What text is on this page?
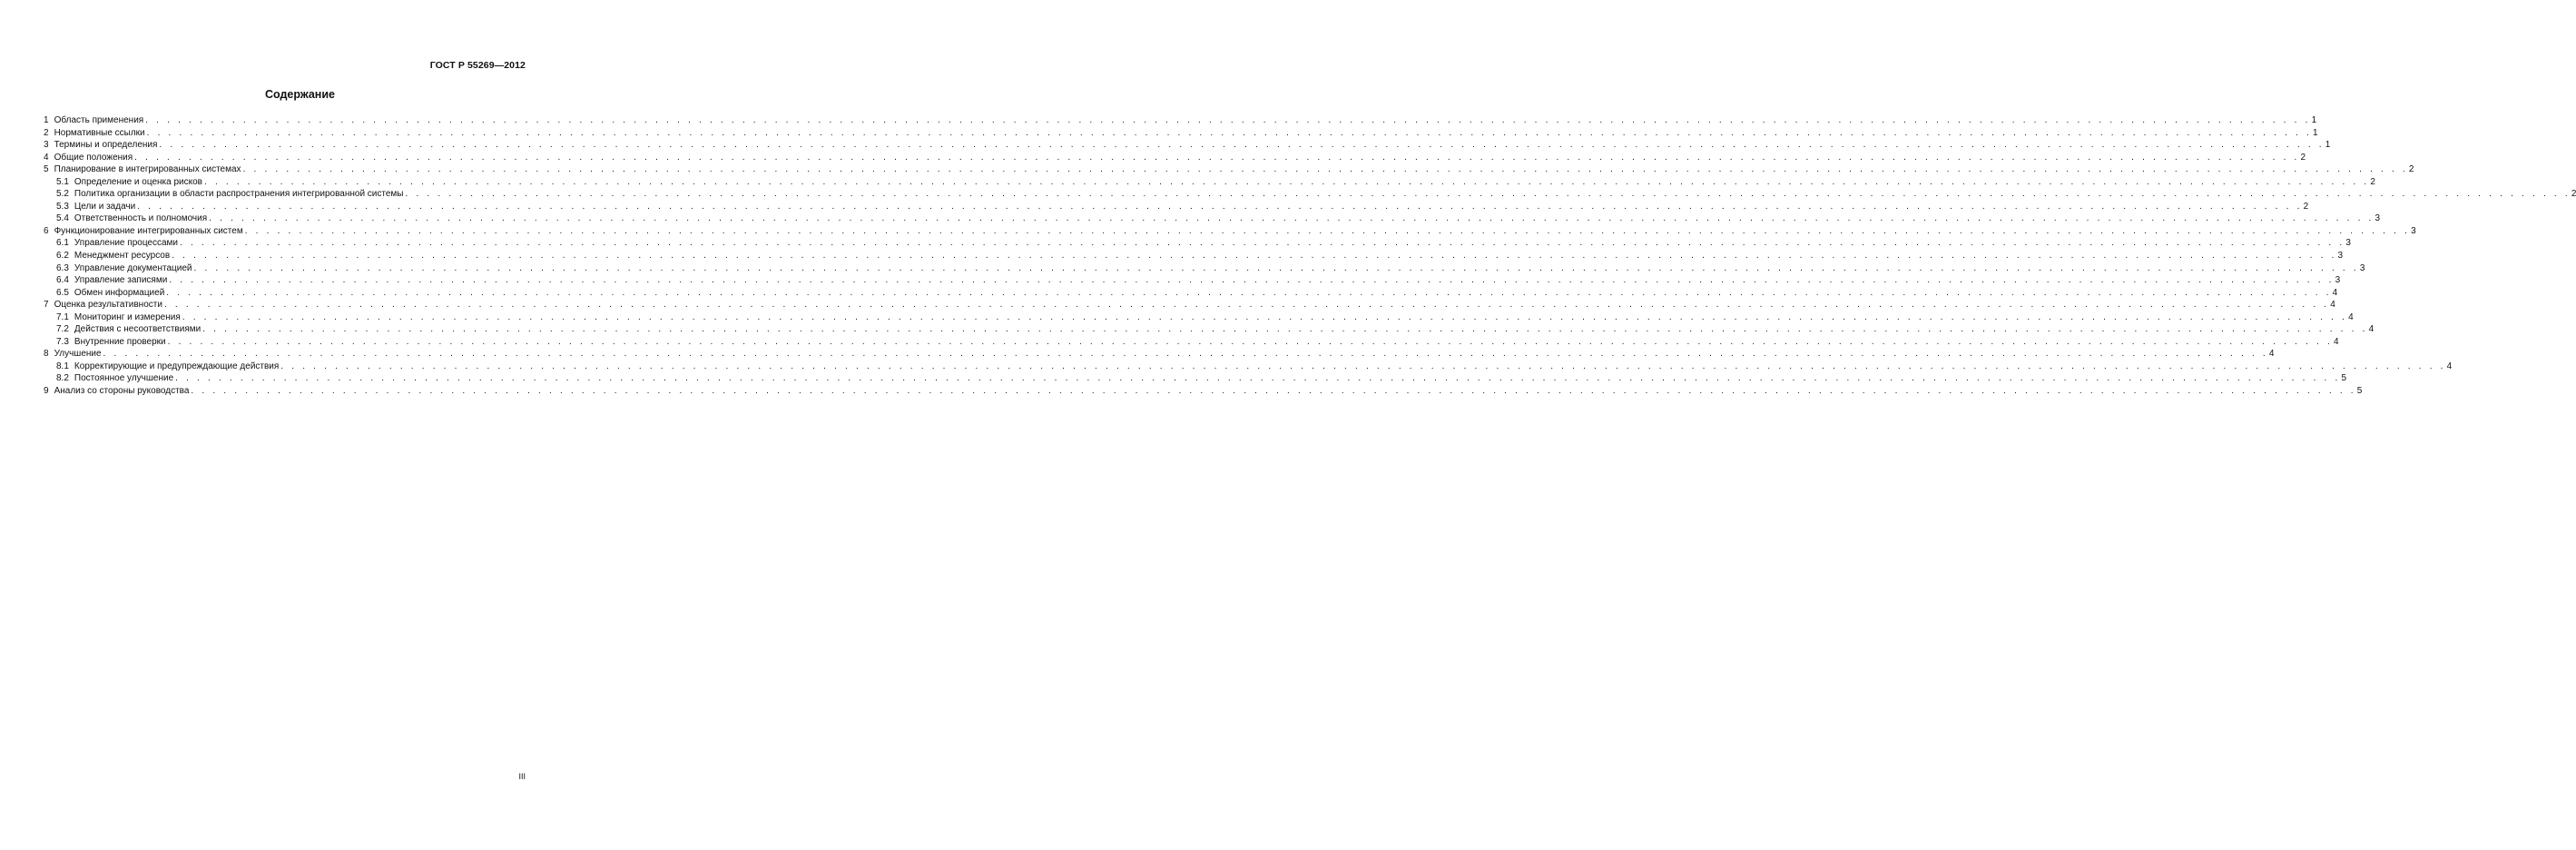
ГОСТ Р 55269—2012
Содержание
1 Область применения . . . . . . . . . . . . . . . . . . . . . . . . . . . . . . . . . . . . . . . . . . . . . . . . . . . . . . . . . . . . . . . . . . . . . . . . . . . . . . . . . . . . . . . . . . . . . . . . . . . . . . . . . . . . . . . . . . . . . . . . . . . . . . . . . . . . . . . . . . . . . . . . . . . . . . . . . . . . . . . . . . . . . . . . . . . . . . . . . . . . . . . . . . . . . . . . . . . . . . . . 1
2 Нормативные ссылки . . . . . . . . . . . . . . . . . . . . . . . . . . . . . . . . . . . . . . . . . . . . . . . . . . . . . . . . . . . . . . . . . . . . . . . . . . . . . . . . . . . . . . . . . . . . . . . . . . . . . . . . . . . . . . . . . . . . . . . . . . . . . . . . . . . . . . . . . . . . . . . . . . . . . . . . . . . . . . . . . . . . . . . . . . . . . . . . . . . . . . . . . . . . . . . . . . . . . . . . 1
3 Термины и определения . . . . . . . . . . . . . . . . . . . . . . . . . . . . . . . . . . . . . . . . . . . . . . . . . . . . . . . . . . . . . . . . . . . . . . . . . . . . . . . . . . . . . . . . . . . . . . . . . . . . . . . . . . . . . . . . . . . . . . . . . . . . . . . . . . . . . . . . . . . . . . . . . . . . . . . . . . . . . . . . . . . . . . . . . . . . . . . . . . . . . . . . . . . . . . . . . . . . . . . . 1
4 Общие положения . . . . . . . . . . . . . . . . . . . . . . . . . . . . . . . . . . . . . . . . . . . . . . . . . . . . . . . . . . . . . . . . . . . . . . . . . . . . . . . . . . . . . . . . . . . . . . . . . . . . . . . . . . . . . . . . . . . . . . . . . . . . . . . . . . . . . . . . . . . . . . . . . . . . . . . . . . . . . . . . . . . . . . . . . . . . . . . . . . . . . . . . . . . . . . . . . . . . . . . . 2
5 Планирование в интегрированных системах . . . . . . . . . . . . . . . . . . . . . . . . . . . . . . . . . . . . . . . . . . . . . . . . . . . . . . . . . . . . . . . . . . . . . . . . . . . . . . . . . . . . . . . . . . . . . . . . . . . . . . . . . . . . . . . . . . . . . . . . . . . . . . . . . . . . . . . . . . . . . . . . . . . . . . . . . . . . . . . . . . . . . . . . . . . . . . . . . . . . . . . . . . . . . . . . . . . . . . . . 2
5.1 Определение и оценка рисков . . . . . . . . . . . . . . . . . . . . . . . . . . . . . . . . . . . . . . . . . . . . . . . . . . . . . . . . . . . . . . . . . . . . . . . . . . . . . . . . . . . . . . . . . . . . . . . . . . . . . . . . . . . . . . . . . . . . . . . . . . . . . . . . . . . . . . . . . . . . . . . . . . . . . . . . . . . . . . . . . . . . . . . . . . . . . . . . . . . . . . . . . . . . . . . . . . . . . . . . 2
5.2 Политика организации в области распространения интегрированной системы . . . . . . . . . . . . . . . . . . . . . . . . . . . . . . . . . . . . . . . . . . . . . . . . . . . . . . . . . . . . . . . . . . . . . . . . . . . . . . . . . . . . . . . . . . . . . . . . . . . . . . . . . . . . . . . . . . . . . . . . . . . . . . . . . . . . . . . . . . . . . . . . . . . . . . . . . . . . . . . . . . . . . . . . . . . . . . . . . . . . . . . . . . . . . . . . . . . . . . . . 2
5.3 Цели и задачи . . . . . . . . . . . . . . . . . . . . . . . . . . . . . . . . . . . . . . . . . . . . . . . . . . . . . . . . . . . . . . . . . . . . . . . . . . . . . . . . . . . . . . . . . . . . . . . . . . . . . . . . . . . . . . . . . . . . . . . . . . . . . . . . . . . . . . . . . . . . . . . . . . . . . . . . . . . . . . . . . . . . . . . . . . . . . . . . . . . . . . . . . . . . . . . . . . . . . . . . 2
5.4 Ответственность и полномочия . . . . . . . . . . . . . . . . . . . . . . . . . . . . . . . . . . . . . . . . . . . . . . . . . . . . . . . . . . . . . . . . . . . . . . . . . . . . . . . . . . . . . . . . . . . . . . . . . . . . . . . . . . . . . . . . . . . . . . . . . . . . . . . . . . . . . . . . . . . . . . . . . . . . . . . . . . . . . . . . . . . . . . . . . . . . . . . . . . . . . . . . . . . . . . . . . . . . . . . . 3
6 Функционирование интегрированных систем . . . . . . . . . . . . . . . . . . . . . . . . . . . . . . . . . . . . . . . . . . . . . . . . . . . . . . . . . . . . . . . . . . . . . . . . . . . . . . . . . . . . . . . . . . . . . . . . . . . . . . . . . . . . . . . . . . . . . . . . . . . . . . . . . . . . . . . . . . . . . . . . . . . . . . . . . . . . . . . . . . . . . . . . . . . . . . . . . . . . . . . . . . . . . . . . . . . . . . . . 3
6.1 Управление процессами . . . . . . . . . . . . . . . . . . . . . . . . . . . . . . . . . . . . . . . . . . . . . . . . . . . . . . . . . . . . . . . . . . . . . . . . . . . . . . . . . . . . . . . . . . . . . . . . . . . . . . . . . . . . . . . . . . . . . . . . . . . . . . . . . . . . . . . . . . . . . . . . . . . . . . . . . . . . . . . . . . . . . . . . . . . . . . . . . . . . . . . . . . . . . . . . . . . . . . . . 3
6.2 Менеджмент ресурсов . . . . . . . . . . . . . . . . . . . . . . . . . . . . . . . . . . . . . . . . . . . . . . . . . . . . . . . . . . . . . . . . . . . . . . . . . . . . . . . . . . . . . . . . . . . . . . . . . . . . . . . . . . . . . . . . . . . . . . . . . . . . . . . . . . . . . . . . . . . . . . . . . . . . . . . . . . . . . . . . . . . . . . . . . . . . . . . . . . . . . . . . . . . . . . . . . . . . . . . . 3
6.3 Управление документацией . . . . . . . . . . . . . . . . . . . . . . . . . . . . . . . . . . . . . . . . . . . . . . . . . . . . . . . . . . . . . . . . . . . . . . . . . . . . . . . . . . . . . . . . . . . . . . . . . . . . . . . . . . . . . . . . . . . . . . . . . . . . . . . . . . . . . . . . . . . . . . . . . . . . . . . . . . . . . . . . . . . . . . . . . . . . . . . . . . . . . . . . . . . . . . . . . . . . . . . . 3
6.4 Управление записями . . . . . . . . . . . . . . . . . . . . . . . . . . . . . . . . . . . . . . . . . . . . . . . . . . . . . . . . . . . . . . . . . . . . . . . . . . . . . . . . . . . . . . . . . . . . . . . . . . . . . . . . . . . . . . . . . . . . . . . . . . . . . . . . . . . . . . . . . . . . . . . . . . . . . . . . . . . . . . . . . . . . . . . . . . . . . . . . . . . . . . . . . . . . . . . . . . . . . . . . 3
6.5 Обмен информацией . . . . . . . . . . . . . . . . . . . . . . . . . . . . . . . . . . . . . . . . . . . . . . . . . . . . . . . . . . . . . . . . . . . . . . . . . . . . . . . . . . . . . . . . . . . . . . . . . . . . . . . . . . . . . . . . . . . . . . . . . . . . . . . . . . . . . . . . . . . . . . . . . . . . . . . . . . . . . . . . . . . . . . . . . . . . . . . . . . . . . . . . . . . . . . . . . . . . . . . . 4
7 Оценка результативности . . . . . . . . . . . . . . . . . . . . . . . . . . . . . . . . . . . . . . . . . . . . . . . . . . . . . . . . . . . . . . . . . . . . . . . . . . . . . . . . . . . . . . . . . . . . . . . . . . . . . . . . . . . . . . . . . . . . . . . . . . . . . . . . . . . . . . . . . . . . . . . . . . . . . . . . . . . . . . . . . . . . . . . . . . . . . . . . . . . . . . . . . . . . . . . . . . . . . . . . 4
7.1 Мониторинг и измерения . . . . . . . . . . . . . . . . . . . . . . . . . . . . . . . . . . . . . . . . . . . . . . . . . . . . . . . . . . . . . . . . . . . . . . . . . . . . . . . . . . . . . . . . . . . . . . . . . . . . . . . . . . . . . . . . . . . . . . . . . . . . . . . . . . . . . . . . . . . . . . . . . . . . . . . . . . . . . . . . . . . . . . . . . . . . . . . . . . . . . . . . . . . . . . . . . . . . . . . . 4
7.2 Действия с несоответствиями . . . . . . . . . . . . . . . . . . . . . . . . . . . . . . . . . . . . . . . . . . . . . . . . . . . . . . . . . . . . . . . . . . . . . . . . . . . . . . . . . . . . . . . . . . . . . . . . . . . . . . . . . . . . . . . . . . . . . . . . . . . . . . . . . . . . . . . . . . . . . . . . . . . . . . . . . . . . . . . . . . . . . . . . . . . . . . . . . . . . . . . . . . . . . . . . . . . . . . . . 4
7.3 Внутренние проверки . . . . . . . . . . . . . . . . . . . . . . . . . . . . . . . . . . . . . . . . . . . . . . . . . . . . . . . . . . . . . . . . . . . . . . . . . . . . . . . . . . . . . . . . . . . . . . . . . . . . . . . . . . . . . . . . . . . . . . . . . . . . . . . . . . . . . . . . . . . . . . . . . . . . . . . . . . . . . . . . . . . . . . . . . . . . . . . . . . . . . . . . . . . . . . . . . . . . . . . . 4
8 Улучшение . . . . . . . . . . . . . . . . . . . . . . . . . . . . . . . . . . . . . . . . . . . . . . . . . . . . . . . . . . . . . . . . . . . . . . . . . . . . . . . . . . . . . . . . . . . . . . . . . . . . . . . . . . . . . . . . . . . . . . . . . . . . . . . . . . . . . . . . . . . . . . . . . . . . . . . . . . . . . . . . . . . . . . . . . . . . . . . . . . . . . . . . . . . . . . . . . . . . . . . . 4
8.1 Корректирующие и предупреждающие действия . . . . . . . . . . . . . . . . . . . . . . . . . . . . . . . . . . . . . . . . . . . . . . . . . . . . . . . . . . . . . . . . . . . . . . . . . . . . . . . . . . . . . . . . . . . . . . . . . . . . . . . . . . . . . . . . . . . . . . . . . . . . . . . . . . . . . . . . . . . . . . . . . . . . . . . . . . . . . . . . . . . . . . . . . . . . . . . . . . . . . . . . . . . . . . . . . . . . . . . . 4
8.2 Постоянное улучшение . . . . . . . . . . . . . . . . . . . . . . . . . . . . . . . . . . . . . . . . . . . . . . . . . . . . . . . . . . . . . . . . . . . . . . . . . . . . . . . . . . . . . . . . . . . . . . . . . . . . . . . . . . . . . . . . . . . . . . . . . . . . . . . . . . . . . . . . . . . . . . . . . . . . . . . . . . . . . . . . . . . . . . . . . . . . . . . . . . . . . . . . . . . . . . . . . . . . . . . . 5
9 Анализ со стороны руководства . . . . . . . . . . . . . . . . . . . . . . . . . . . . . . . . . . . . . . . . . . . . . . . . . . . . . . . . . . . . . . . . . . . . . . . . . . . . . . . . . . . . . . . . . . . . . . . . . . . . . . . . . . . . . . . . . . . . . . . . . . . . . . . . . . . . . . . . . . . . . . . . . . . . . . . . . . . . . . . . . . . . . . . . . . . . . . . . . . . . . . . . . . . . . . . . . . . . . . . . 5
III
